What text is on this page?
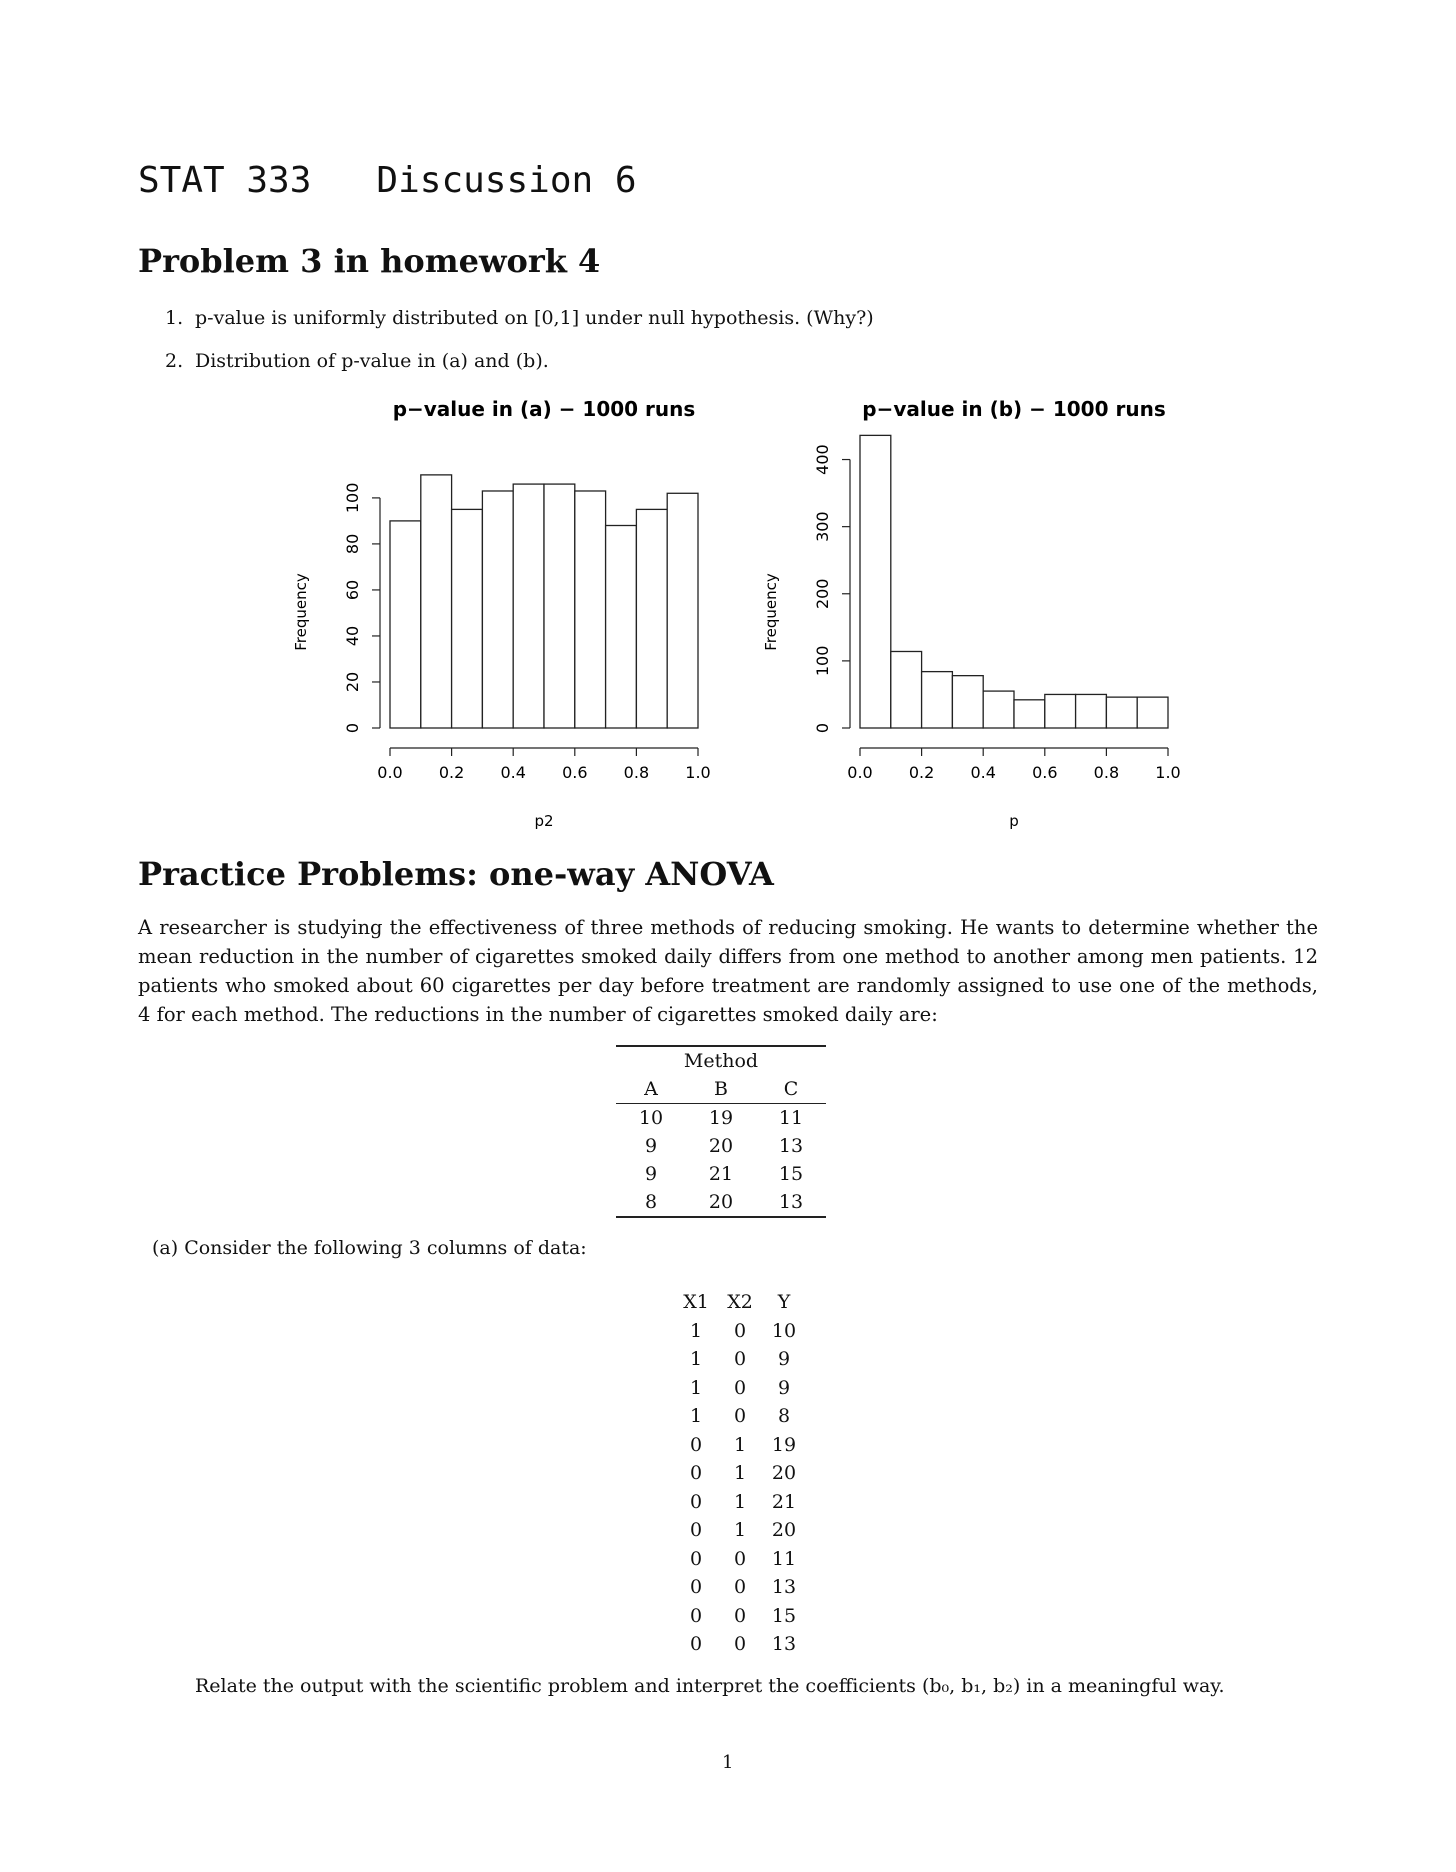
STAT 333 Discussion 6
Problem 3 in homework 4
1. p-value is uniformly distributed on [0,1] under null hypothesis. (Why?)
2. Distribution of p-value in (a) and (b).
p−value in (a) − 1000 runs
0.0 0.2 0.4 0.6 0.8 1.0
p2
0
20
40
60
80
100
Frequency
p−value in (b) − 1000 runs
0.0 0.2 0.4 0.6 0.8 1.0
p
0
100
200
300
400
Frequency
Practice Problems: one-way ANOVA

A researcher is studying the effectiveness of three methods of reducing smoking. He wants to determine whether the mean reduction in the number of cigarettes smoked daily differs from one method to another among men patients. 12 patients who smoked about 60 cigarettes per day before treatment are randomly assigned to use one of the methods, 4 for each method. The reductions in the number of cigarettes smoked daily are:

Method		
A	B	C
10	19	11
9	20	13
9	21	15
8	20	13
(a) Consider the following 3 columns of data:
X1	X2	Y
1	0	10
1	0	9
1	0	9
1	0	8
0	1	19
0	1	20
0	1	21
0	1	20
0	0	11
0	0	13
0	0	15
0	0	13
Relate the output with the scientific problem and interpret the coefficients (b₀, b₁, b₂) in a meaningful way.
1
